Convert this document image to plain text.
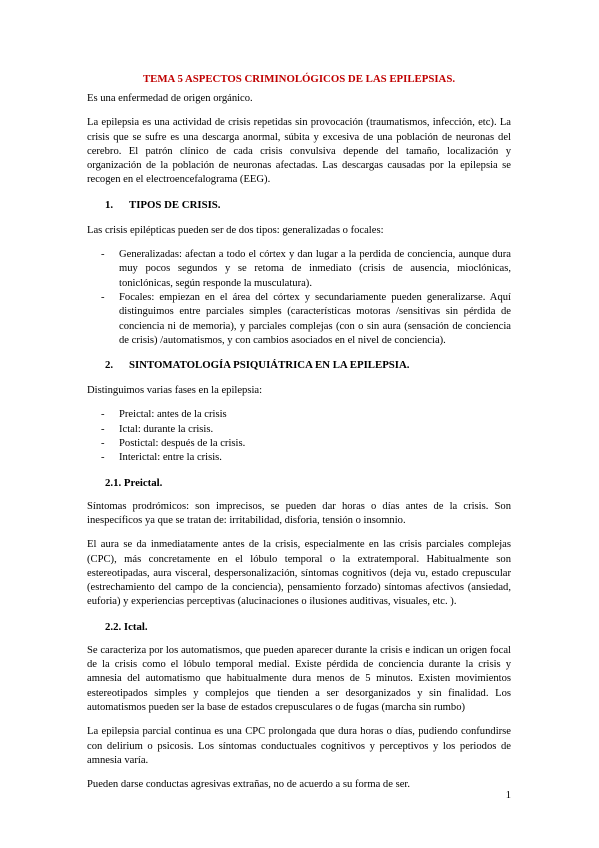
TEMA 5 ASPECTOS CRIMINOLÓGICOS DE LAS EPILEPSIAS.

Es una enfermedad de origen orgánico.

La epilepsia es una actividad de crisis repetidas sin provocación (traumatismos, infección, etc). La crisis que se sufre es una descarga anormal, súbita y excesiva de una población de neuronas del cerebro. El patrón clínico de cada crisis convulsiva depende del tamaño, localización y organización de la población de neuronas afectadas. Las descargas causadas por la epilepsia se recogen en el electroencefalograma (EEG).

1. TIPOS DE CRISIS.

Las crisis epilépticas pueden ser de dos tipos: generalizadas o focales:

- Generalizadas: afectan a todo el córtex y dan lugar a la perdida de conciencia, aunque dura muy pocos segundos y se retoma de inmediato (crisis de ausencia, mioclónicas, toniclónicas, según responde la musculatura).
- Focales: empiezan en el área del córtex y secundariamente pueden generalizarse. Aquí distinguimos entre parciales simples (características motoras /sensitivas sin pérdida de conciencia ni de memoria), y parciales complejas (con o sin aura (sensación de conciencia de crisis) /automatismos, y con cambios asociados en el nivel de conciencia).
2. SINTOMATOLOGÍA PSIQUIÁTRICA EN LA EPILEPSIA.

Distinguimos varias fases en la epilepsia:

- Preictal: antes de la crisis
- Ictal: durante la crisis.
- Postictal: después de la crisis.
- Interictal: entre la crisis.
2.1. Preictal.

Síntomas prodrómicos: son imprecisos, se pueden dar horas o días antes de la crisis. Son inespecíficos ya que se tratan de: irritabilidad, disforia, tensión o insomnio.

El aura se da inmediatamente antes de la crisis, especialmente en las crisis parciales complejas (CPC), más concretamente en el lóbulo temporal o la extratemporal. Habitualmente son estereotipadas, aura visceral, despersonalización, síntomas cognitivos (deja vu, estado crepuscular (estrechamiento del campo de la conciencia), pensamiento forzado) síntomas afectivos (ansiedad, euforia) y experiencias perceptivas (alucinaciones o ilusiones auditivas, visuales, etc. ).

2.2. Ictal.

Se caracteriza por los automatismos, que pueden aparecer durante la crisis e indican un origen focal de la crisis como el lóbulo temporal medial. Existe pérdida de conciencia durante la crisis y amnesia del automatismo que habitualmente dura menos de 5 minutos. Existen movimientos estereotipados simples y complejos que tienden a ser desorganizados y sin finalidad. Los automatismos pueden ser la base de estados crepusculares o de fugas (marcha sin rumbo)

La epilepsia parcial continua es una CPC prolongada que dura horas o días, pudiendo confundirse con delirium o psicosis. Los síntomas conductuales cognitivos y perceptivos y los periodos de amnesia varía.

Pueden darse conductas agresivas extrañas, no de acuerdo a su forma de ser.

1
